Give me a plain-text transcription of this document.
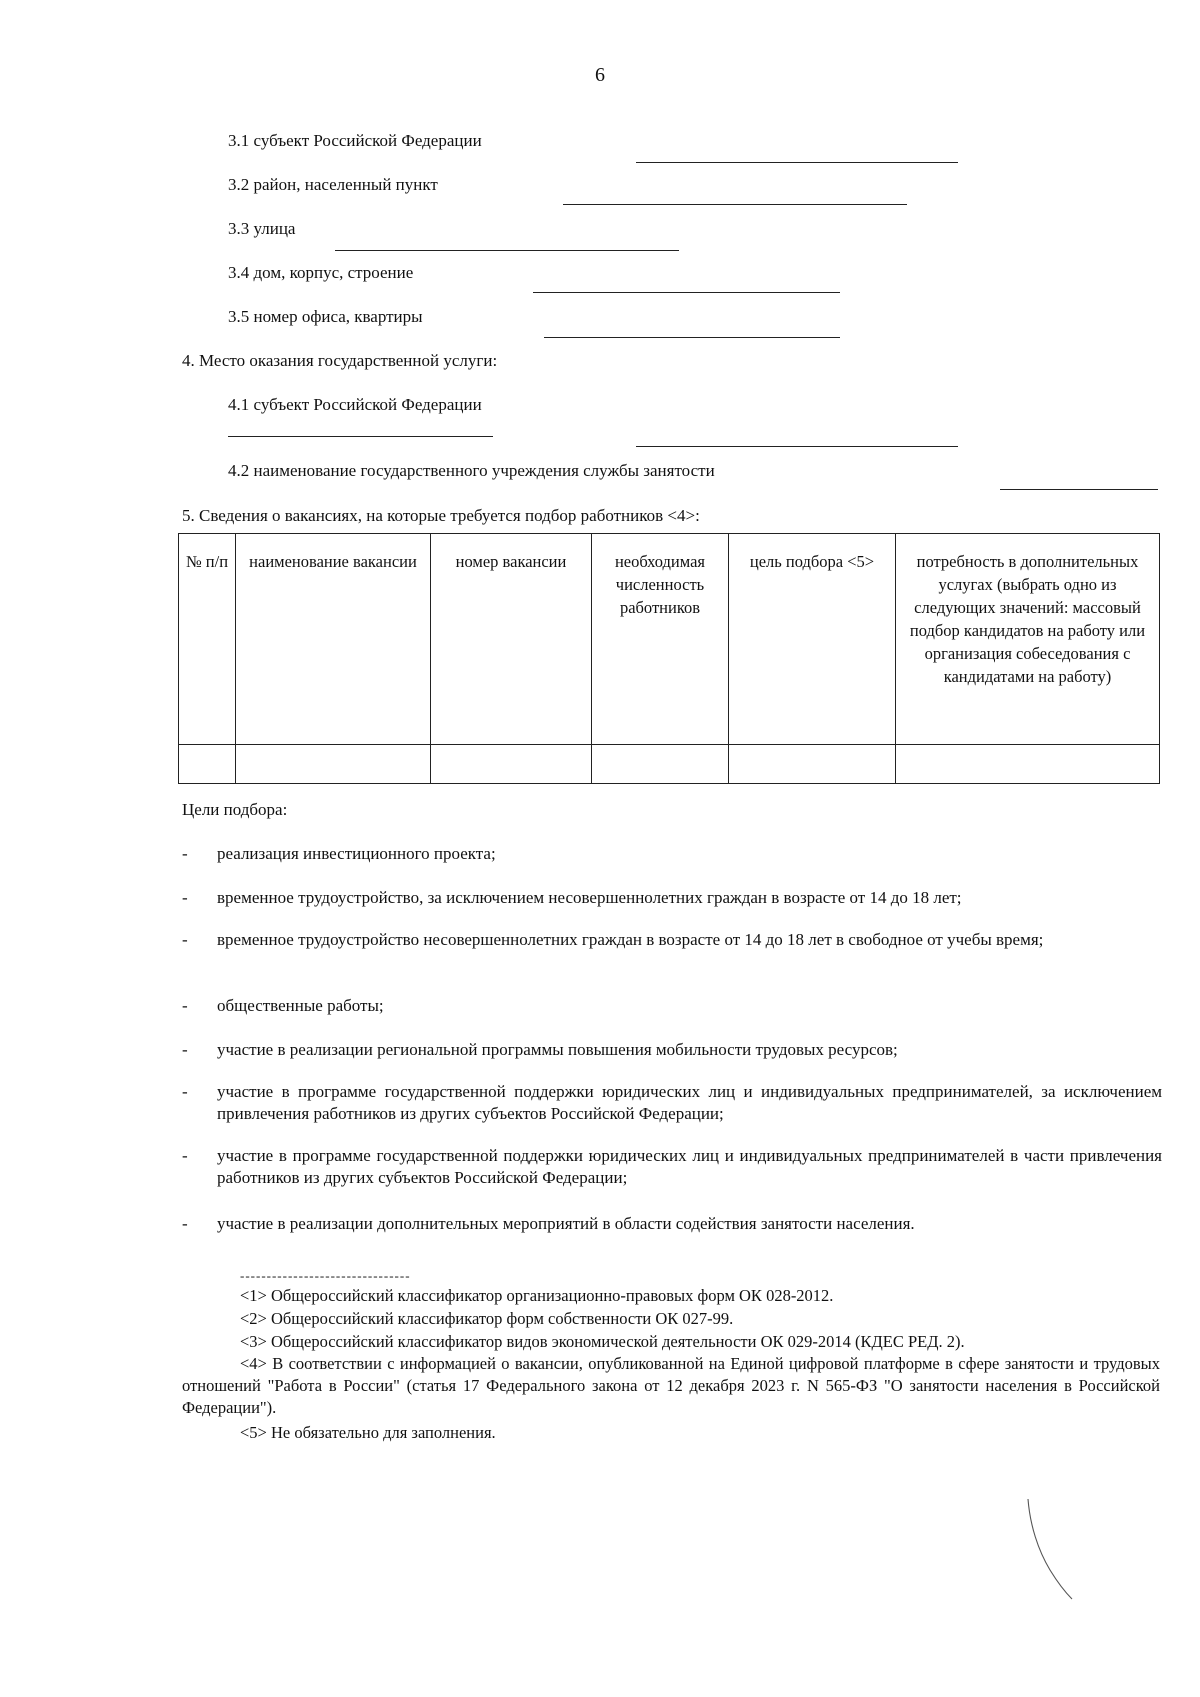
6
3.1 субъект Российской Федерации
3.2 район, населенный пункт
3.3 улица
3.4 дом, корпус, строение
3.5 номер офиса, квартиры
4. Место оказания государственной услуги:
4.1 субъект Российской Федерации
4.2 наименование государственного учреждения службы занятости
5. Сведения о вакансиях, на которые требуется подбор работников <4>:
№ п/п	наименование вакансии	номер вакансии	необходимая численность работников	цель подбора <5>	потребность в дополнительных услугах (выбрать одно из следующих значений: массовый подбор кандидатов на работу или организация собеседования с кандидатами на работу)

Цели подбора:
- реализация инвестиционного проекта;
- временное трудоустройство, за исключением несовершеннолетних граждан в возрасте от 14 до 18 лет;
- временное трудоустройство несовершеннолетних граждан в возрасте от 14 до 18 лет в свободное от учебы время;
- общественные работы;
- участие в реализации региональной программы повышения мобильности трудовых ресурсов;
- участие в программе государственной поддержки юридических лиц и индивидуальных предпринимателей, за исключением привлечения работников из других субъектов Российской Федерации;
- участие в программе государственной поддержки юридических лиц и индивидуальных предпринимателей в части привлечения работников из других субъектов Российской Федерации;
- участие в реализации дополнительных мероприятий в области содействия занятости населения.
--------------------------------
<1> Общероссийский классификатор организационно-правовых форм ОК 028-2012.
<2> Общероссийский классификатор форм собственности ОК 027-99.
<3> Общероссийский классификатор видов экономической деятельности ОК 029-2014 (КДЕС РЕД. 2).
<4> В соответствии с информацией о вакансии, опубликованной на Единой цифровой платформе в сфере занятости и трудовых отношений "Работа в России" (статья 17 Федерального закона от 12 декабря 2023 г. N 565-ФЗ "О занятости населения в Российской Федерации").
<5> Не обязательно для заполнения.
